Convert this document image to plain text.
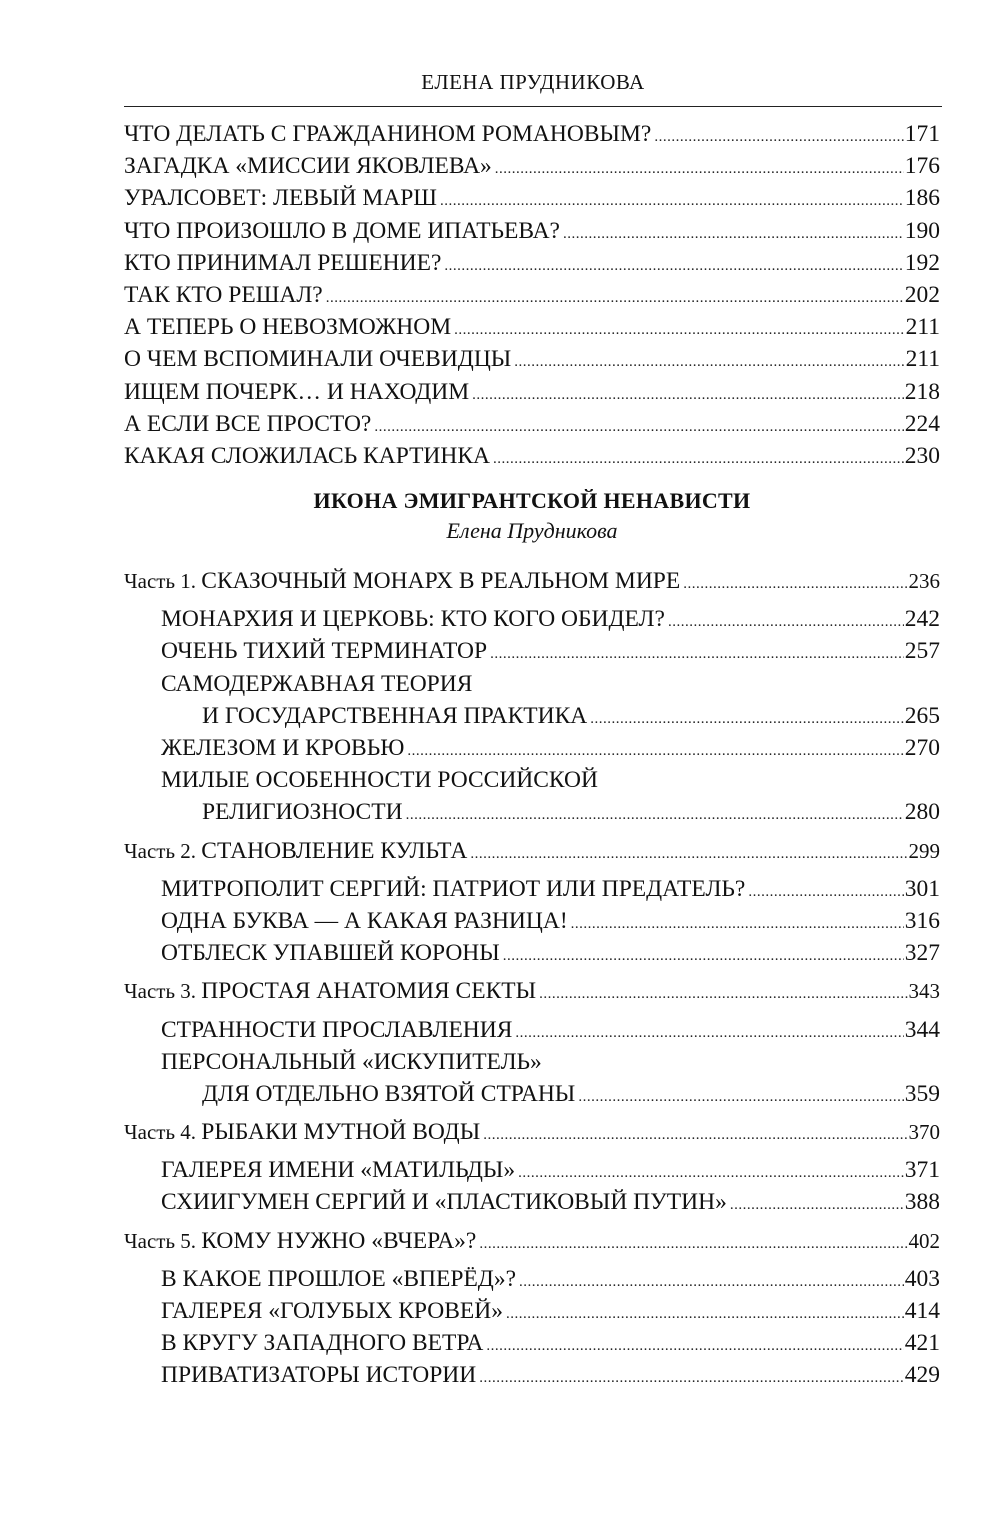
ЕЛЕНА ПРУДНИКОВА
ЧТО ДЕЛАТЬ С ГРАЖДАНИНОМ РОМАНОВЫМ? .....	171
ЗАГАДКА «МИССИИ ЯКОВЛЕВА» .....	176
УРАЛСОВЕТ: ЛЕВЫЙ МАРШ .....	186
ЧТО ПРОИЗОШЛО В ДОМЕ ИПАТЬЕВА? .....	190
КТО ПРИНИМАЛ РЕШЕНИЕ? .....	192
ТАК КТО РЕШАЛ? .....	202
А ТЕПЕРЬ О НЕВОЗМОЖНОМ .....	211
О ЧЕМ ВСПОМИНАЛИ ОЧЕВИДЦЫ .....	211
ИЩЕМ ПОЧЕРК… И НАХОДИМ .....	218
А ЕСЛИ ВСЕ ПРОСТО? .....	224
КАКАЯ СЛОЖИЛАСЬ КАРТИНКА .....	230
ИКОНА ЭМИГРАНТСКОЙ НЕНАВИСТИ
Елена Прудникова
Часть 1. СКАЗОЧНЫЙ МОНАРХ В РЕАЛЬНОМ МИРЕ .....	236
МОНАРХИЯ И ЦЕРКОВЬ: КТО КОГО ОБИДЕЛ? .....	242
ОЧЕНЬ ТИХИЙ ТЕРМИНАТОР .....	257
САМОДЕРЖАВНАЯ ТЕОРИЯ
И ГОСУДАРСТВЕННАЯ ПРАКТИКА .....	265
ЖЕЛЕЗОМ И КРОВЬЮ .....	270
МИЛЫЕ ОСОБЕННОСТИ РОССИЙСКОЙ
РЕЛИГИОЗНОСТИ .....	280
Часть 2. СТАНОВЛЕНИЕ КУЛЬТА .....	299
МИТРОПОЛИТ СЕРГИЙ: ПАТРИОТ ИЛИ ПРЕДАТЕЛЬ? .....	301
ОДНА БУКВА — А КАКАЯ РАЗНИЦА! .....	316
ОТБЛЕСК УПАВШЕЙ КОРОНЫ .....	327
Часть 3. ПРОСТАЯ АНАТОМИЯ СЕКТЫ .....	343
СТРАННОСТИ ПРОСЛАВЛЕНИЯ .....	344
ПЕРСОНАЛЬНЫЙ «ИСКУПИТЕЛЬ»
ДЛЯ ОТДЕЛЬНО ВЗЯТОЙ СТРАНЫ .....	359
Часть 4. РЫБАКИ МУТНОЙ ВОДЫ .....	370
ГАЛЕРЕЯ ИМЕНИ «МАТИЛЬДЫ» .....	371
СХИИГУМЕН СЕРГИЙ И «ПЛАСТИКОВЫЙ ПУТИН» .....	388
Часть 5. КОМУ НУЖНО «ВЧЕРА»? .....	402
В КАКОЕ ПРОШЛОЕ «ВПЕРЁД»? .....	403
ГАЛЕРЕЯ «ГОЛУБЫХ КРОВЕЙ» .....	414
В КРУГУ ЗАПАДНОГО ВЕТРА .....	421
ПРИВАТИЗАТОРЫ ИСТОРИИ .....	429
